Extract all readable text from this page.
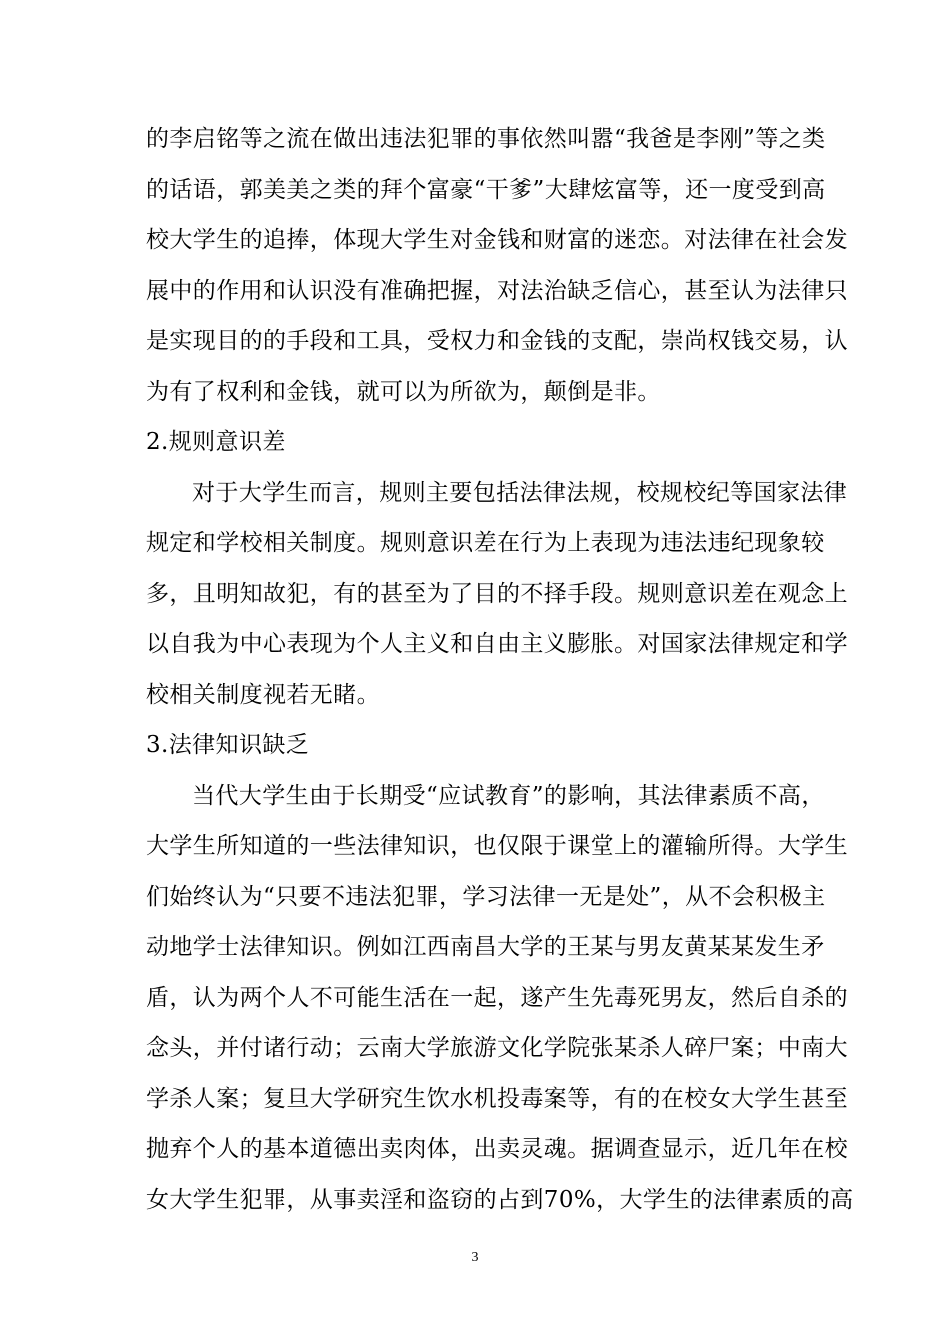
的李启铭等之流在做出违法犯罪的事依然叫嚣“我爸是李刚”等之类
的话语，郭美美之类的拜个富豪“干爹”大肆炫富等，还一度受到高
校大学生的追捧，体现大学生对金钱和财富的迷恋。对法律在社会发
展中的作用和认识没有准确把握，对法治缺乏信心，甚至认为法律只
是实现目的的手段和工具，受权力和金钱的支配，崇尚权钱交易，认
为有了权利和金钱，就可以为所欲为，颠倒是非。
2.规则意识差
对于大学生而言，规则主要包括法律法规，校规校纪等国家法律
规定和学校相关制度。规则意识差在行为上表现为违法违纪现象较
多，且明知故犯，有的甚至为了目的不择手段。规则意识差在观念上
以自我为中心表现为个人主义和自由主义膨胀。对国家法律规定和学
校相关制度视若无睹。
3.法律知识缺乏
当代大学生由于长期受“应试教育”的影响，其法律素质不高，
大学生所知道的一些法律知识，也仅限于课堂上的灌输所得。大学生
们始终认为“只要不违法犯罪，学习法律一无是处”，从不会积极主
动地学士法律知识。例如江西南昌大学的王某与男友黄某某发生矛
盾，认为两个人不可能生活在一起，遂产生先毒死男友，然后自杀的
念头，并付诸行动；云南大学旅游文化学院张某杀人碎尸案；中南大
学杀人案；复旦大学研究生饮水机投毒案等，有的在校女大学生甚至
抛弃个人的基本道德出卖肉体，出卖灵魂。据调查显示，近几年在校
女大学生犯罪，从事卖淫和盗窃的占到70%，大学生的法律素质的高
3
